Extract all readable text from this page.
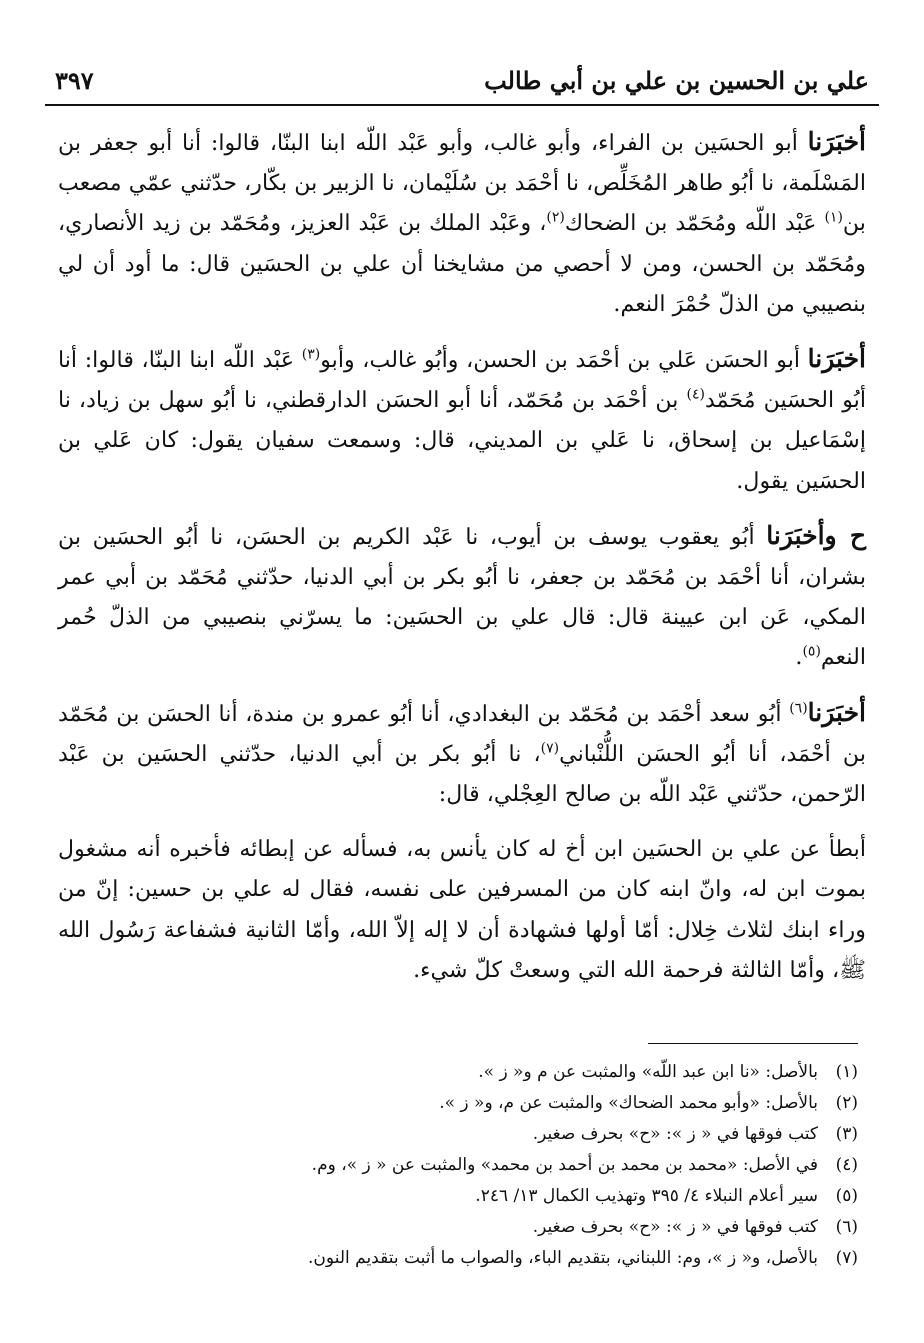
علي بن الحسين بن علي بن أبي طالب
٣٩٧

أخبَرَنا أبو الحسَين بن الفراء، وأبو غالب، وأبو عَبْد اللّه ابنا البنّا، قالوا: أنا أبو جعفر بن المَسْلَمة، نا أبُو طاهر المُخَلِّص، نا أحْمَد بن سُلَيْمان، نا الزبير بن بكّار، حدّثني عمّي مصعب بن$^{(١)}$ عَبْد اللّه ومُحَمّد بن الضحاك$^{(٢)}$، وعَبْد الملك بن عَبْد العزيز، ومُحَمّد بن زيد الأنصاري، ومُحَمّد بن الحسن، ومن لا أحصي من مشايخنا أن علي بن الحسَين قال: ما أود أن لي بنصيبي من الذلّ حُمْرَ النعم.

أخبَرَنا أبو الحسَن عَلي بن أحْمَد بن الحسن، وأبُو غالب، وأبو$^{(٣)}$ عَبْد اللّه ابنا البنّا، قالوا: أنا أبُو الحسَين مُحَمّد$^{(٤)}$ بن أحْمَد بن مُحَمّد، أنا أبو الحسَن الدارقطني، نا أبُو سهل بن زياد، نا إسْمَاعيل بن إسحاق، نا عَلي بن المديني، قال: وسمعت سفيان يقول: كان عَلي بن الحسَين يقول.

ح وأخبَرَنا أبُو يعقوب يوسف بن أيوب، نا عَبْد الكريم بن الحسَن، نا أبُو الحسَين بن بشران، أنا أحْمَد بن مُحَمّد بن جعفر، نا أبُو بكر بن أبي الدنيا، حدّثني مُحَمّد بن أبي عمر المكي، عَن ابن عيينة قال: قال علي بن الحسَين: ما يسرّني بنصيبي من الذلّ حُمر النعم$^{(٥)}$.

أخبَرَنا$^{(٦)}$ أبُو سعد أحْمَد بن مُحَمّد بن البغدادي، أنا أبُو عمرو بن مندة، أنا الحسَن بن مُحَمّد بن أحْمَد، أنا أبُو الحسَن اللُّنْباني$^{(٧)}$، نا أبُو بكر بن أبي الدنيا، حدّثني الحسَين بن عَبْد الرّحمن، حدّثني عَبْد اللّه بن صالح العِجْلي، قال:

أبطأ عن علي بن الحسَين ابن أخ له كان يأنس به، فسأله عن إبطائه فأخبره أنه مشغول بموت ابن له، وانّ ابنه كان من المسرفين على نفسه، فقال له علي بن حسين: إنّ من وراء ابنك لثلاث خِلال: أمّا أولها فشهادة أن لا إله إلاّ الله، وأمّا الثانية فشفاعة رَسُول الله ﷺ، وأمّا الثالثة فرحمة الله التي وسعتْ كلّ شيء.

(١)
بالأصل: «نا ابن عبد اللّه» والمثبت عن م و« ز ».
(٢)
بالأصل: «وأبو محمد الضحاك» والمثبت عن م، و« ز ».
(٣)
كتب فوقها في « ز »: «ح» بحرف صغير.
(٤)
في الأصل: «محمد بن محمد بن أحمد بن محمد» والمثبت عن « ز »، وم.
(٥)
سير أعلام النبلاء ٤/ ٣٩٥ وتهذيب الكمال ١٣/ ٢٤٦.
(٦)
كتب فوقها في « ز »: «ح» بحرف صغير.
(٧)
بالأصل، و« ز »، وم: اللبناني، بتقديم الباء، والصواب ما أثبت بتقديم النون.
